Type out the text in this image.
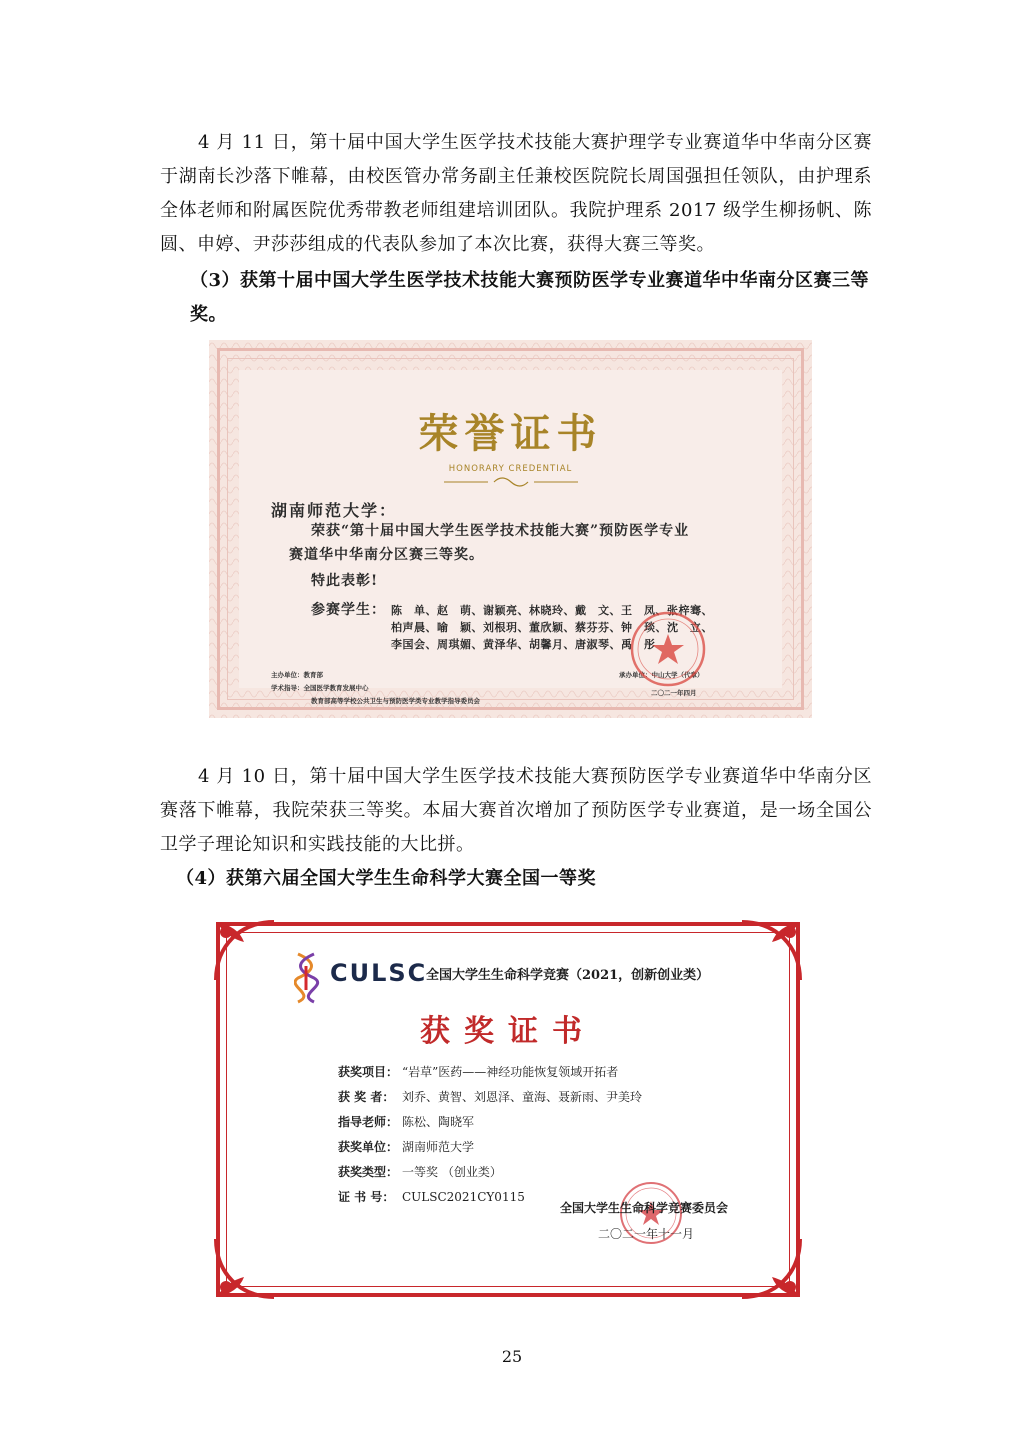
4 月 11 日，第十届中国大学生医学技术技能大赛护理学专业赛道华中华南分区赛于湖南长沙落下帷幕，由校医管办常务副主任兼校医院院长周国强担任领队，由护理系全体老师和附属医院优秀带教老师组建培训团队。我院护理系 2017 级学生柳扬帆、陈圆、申婷、尹莎莎组成的代表队参加了本次比赛，获得大赛三等奖。
（3）获第十届中国大学生医学技术技能大赛预防医学专业赛道华中华南分区赛三等奖。
荣誉证书
HONORARY CREDENTIAL
湖南师范大学：
荣获“第十届中国大学生医学技术技能大赛”预防医学专业
赛道华中华南分区赛三等奖。
特此表彰!
参赛学生： 陈　单、赵　萌、谢颖亮、林晓玲、戴　文、王　凤、张梓骞、
柏声晨、喻　颖、刘根玥、董欣颖、蔡芬芬、钟　琰、沈　立、
李国会、周琪媚、黄泽华、胡馨月、唐淑琴、禹　彤
主办单位：教育部
学术指导：全国医学教育发展中心
教育部高等学校公共卫生与预防医学类专业教学指导委员会
承办单位：中山大学（代章）
二〇二一年四月
4 月 10 日，第十届中国大学生医学技术技能大赛预防医学专业赛道华中华南分区赛落下帷幕，我院荣获三等奖。本届大赛首次增加了预防医学专业赛道，是一场全国公卫学子理论知识和实践技能的大比拼。
（4）获第六届全国大学生生命科学大赛全国一等奖
CULSC
全国大学生生命科学竞赛（2021，创新创业类）
获奖证书
获奖项目： “岩草”医药——神经功能恢复领域开拓者
获 奖 者： 刘乔、黄智、刘恩泽、童海、聂新雨、尹美玲
指导老师： 陈松、陶晓军
获奖单位： 湖南师范大学
获奖类型： 一等奖 （创业类）
证 书 号： CULSC2021CY0115
全国大学生生命科学竞赛委员会
二〇二一年十一月
25
